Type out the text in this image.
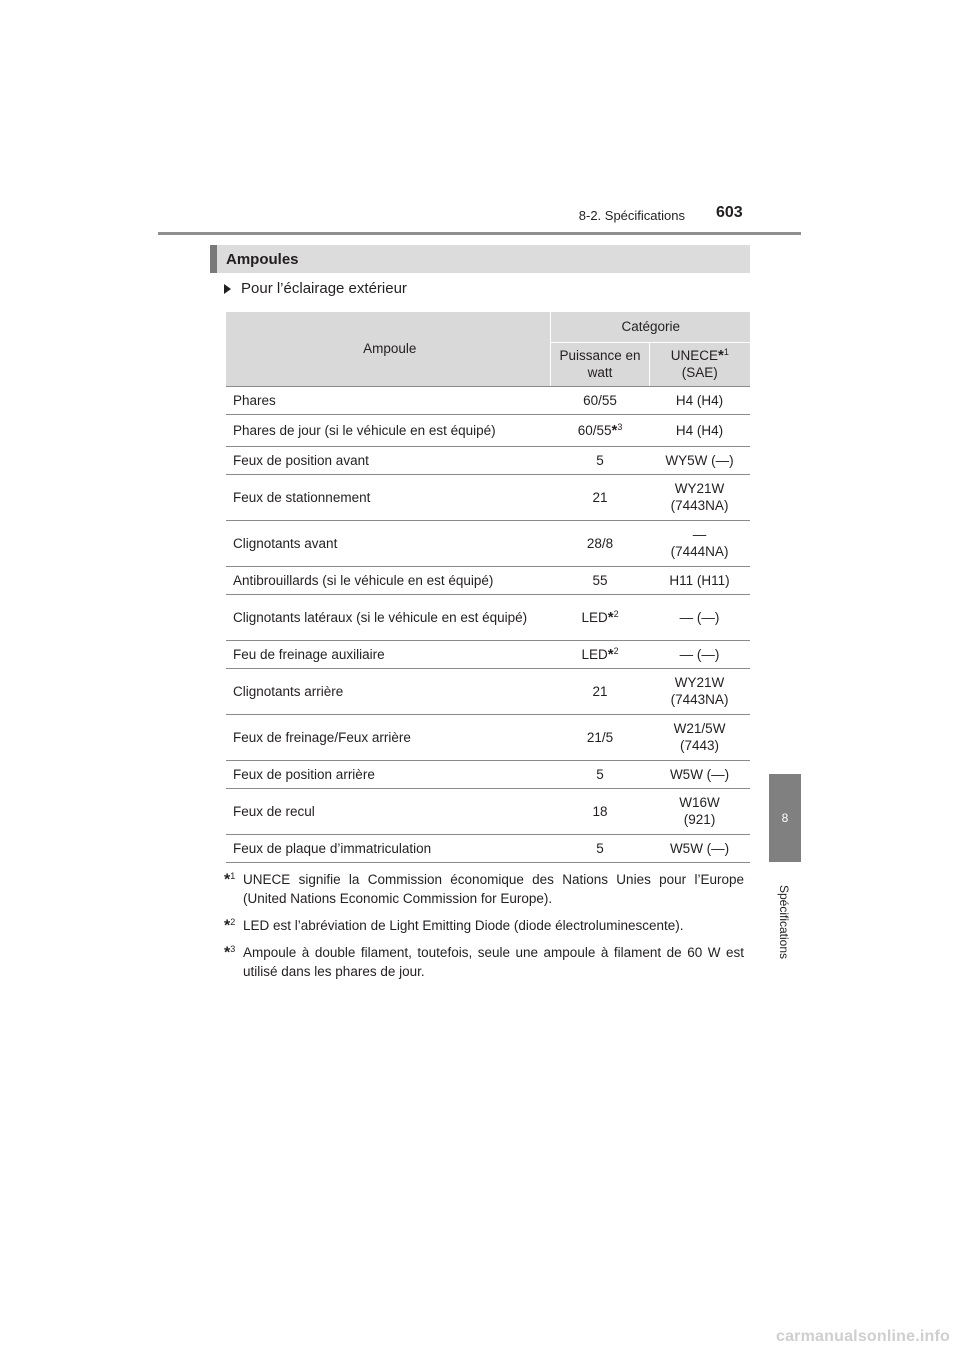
8-2. Spécifications 603
8
Spécifications
Ampoules
Pour l’éclairage extérieur
Ampoule	Catégorie	
	Puissance en watt	UNECE*$^1$
(SAE)
Phares	60/55	H4 (H4)

Phares de jour (si le véhicule en est équipé)	60/55*$^3$	H4 (H4)

Feux de position avant	5	WY5W (—)

Feux de stationnement	21	WY21W
(7443NA)

Clignotants avant	28/8	—
(7444NA)

Antibrouillards (si le véhicule en est équipé)	55	H11 (H11)

Clignotants latéraux (si le véhicule en est équipé)	LED*$^2$	— (—)

Feu de freinage auxiliaire	LED*$^2$	— (—)

Clignotants arrière	21	WY21W
(7443NA)

Feux de freinage/Feux arrière	21/5	W21/5W
(7443)

Feux de position arrière	5	W5W (—)

Feux de recul	18	W16W
(921)

Feux de plaque d’immatriculation	5	W5W (—)
*$^1$ UNECE signifie la Commission économique des Nations Unies pour l’Europe (United Nations Economic Commission for Europe).
*$^2$ LED est l’abréviation de Light Emitting Diode (diode électroluminescente).
*$^3$ Ampoule à double filament, toutefois, seule une ampoule à filament de 60 W est utilisé dans les phares de jour.
carmanualsonline.info
